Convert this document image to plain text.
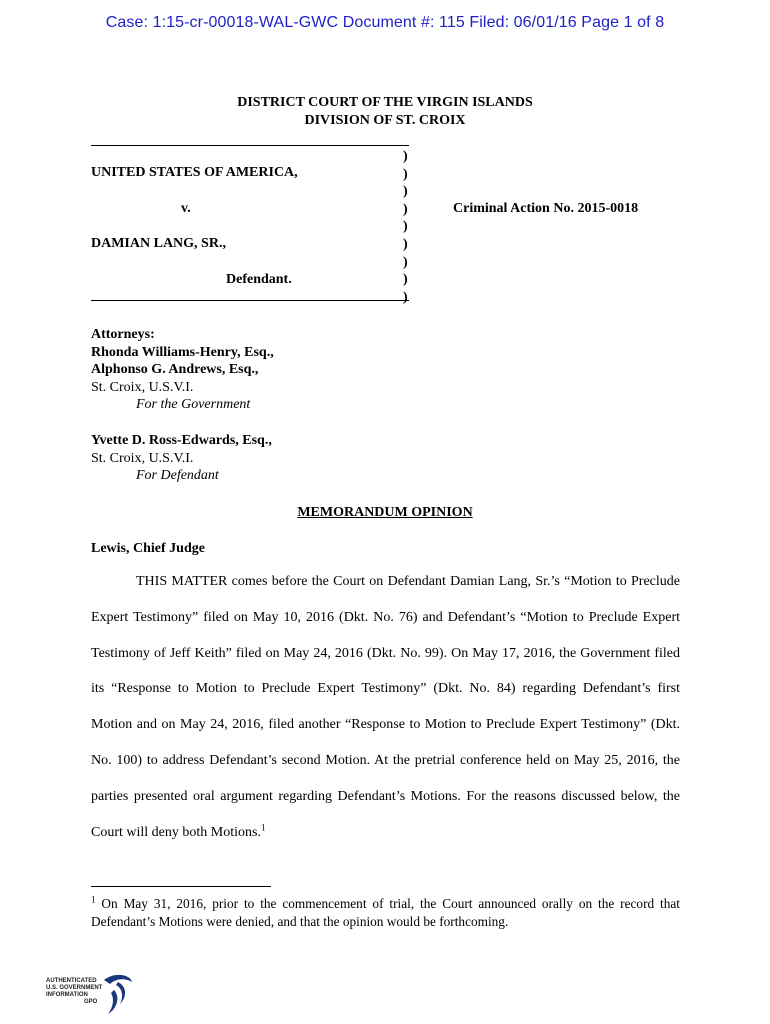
Case: 1:15-cr-00018-WAL-GWC Document #: 115 Filed: 06/01/16 Page 1 of 8
DISTRICT COURT OF THE VIRGIN ISLANDS
DIVISION OF ST. CROIX
)
)
)
)
)
)
)
)
)
UNITED STATES OF AMERICA,
v.
DAMIAN LANG, SR.,
Defendant.
Criminal Action No. 2015-0018
Attorneys:
Rhonda Williams-Henry, Esq.,
Alphonso G. Andrews, Esq.,
St. Croix, U.S.V.I.
For the Government
Yvette D. Ross-Edwards, Esq.,
St. Croix, U.S.V.I.
For Defendant
MEMORANDUM OPINION
Lewis, Chief Judge

THIS MATTER comes before the Court on Defendant Damian Lang, Sr.’s “Motion to Preclude Expert Testimony” filed on May 10, 2016 (Dkt. No. 76) and Defendant’s “Motion to Preclude Expert Testimony of Jeff Keith” filed on May 24, 2016 (Dkt. No. 99). On May 17, 2016, the Government filed its “Response to Motion to Preclude Expert Testimony” (Dkt. No. 84) regarding Defendant’s first Motion and on May 24, 2016, filed another “Response to Motion to Preclude Expert Testimony” (Dkt. No. 100) to address Defendant’s second Motion. At the pretrial conference held on May 25, 2016, the parties presented oral argument regarding Defendant’s Motions. For the reasons discussed below, the Court will deny both Motions.$^1$

$^1$ On May 31, 2016, prior to the commencement of trial, the Court announced orally on the record that Defendant’s Motions were denied, and that the opinion would be forthcoming.
AUTHENTICATED
U.S. GOVERNMENT
INFORMATION
GPO
